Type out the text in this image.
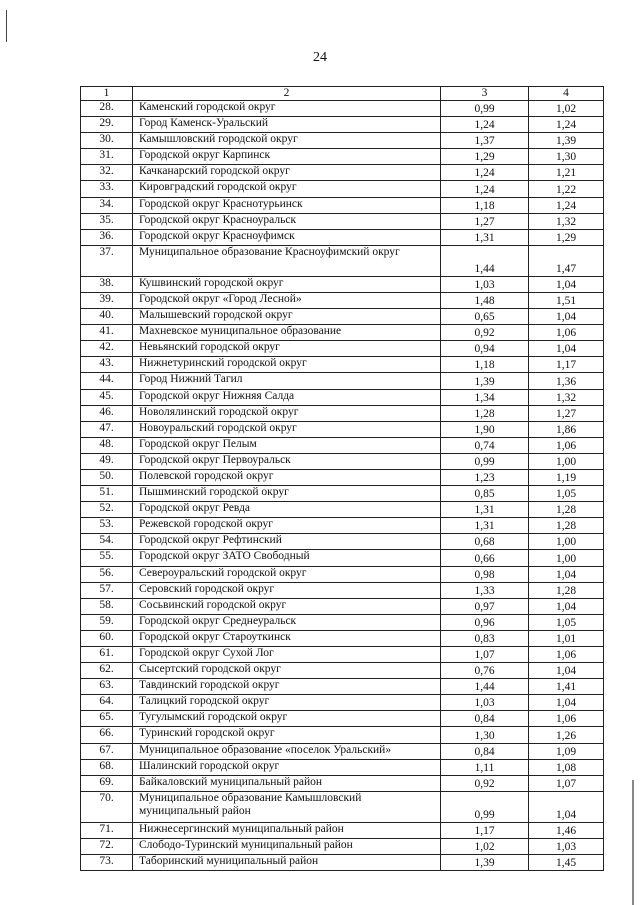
24
1	2	3	4
28.	Каменский городской округ	0,99	1,02
29.	Город Каменск-Уральский	1,24	1,24
30.	Камышловский городской округ	1,37	1,39
31.	Городской округ Карпинск	1,29	1,30
32.	Качканарский городской округ	1,24	1,21
33.	Кировградский городской округ	1,24	1,22
34.	Городской округ Краснотурьинск	1,18	1,24
35.	Городской округ Красноуральск	1,27	1,32
36.	Городской округ Красноуфимск	1,31	1,29
37.	Муниципальное образование Красноуфимский округ	1,44	1,47
38.	Кушвинский городской округ	1,03	1,04
39.	Городской округ «Город Лесной»	1,48	1,51
40.	Малышевский городской округ	0,65	1,04
41.	Махневское муниципальное образование	0,92	1,06
42.	Невьянский городской округ	0,94	1,04
43.	Нижнетуринский городской округ	1,18	1,17
44.	Город Нижний Тагил	1,39	1,36
45.	Городской округ Нижняя Салда	1,34	1,32
46.	Новолялинский городской округ	1,28	1,27
47.	Новоуральский городской округ	1,90	1,86
48.	Городской округ Пелым	0,74	1,06
49.	Городской округ Первоуральск	0,99	1,00
50.	Полевской городской округ	1,23	1,19
51.	Пышминский городской округ	0,85	1,05
52.	Городской округ Ревда	1,31	1,28
53.	Режевской городской округ	1,31	1,28
54.	Городской округ Рефтинский	0,68	1,00
55.	Городской округ ЗАТО Свободный	0,66	1,00
56.	Североуральский городской округ	0,98	1,04
57.	Серовский городской округ	1,33	1,28
58.	Сосьвинский городской округ	0,97	1,04
59.	Городской округ Среднеуральск	0,96	1,05
60.	Городской округ Староуткинск	0,83	1,01
61.	Городской округ Сухой Лог	1,07	1,06
62.	Сысертский городской округ	0,76	1,04
63.	Тавдинский городской округ	1,44	1,41
64.	Талицкий городской округ	1,03	1,04
65.	Тугулымский городской округ	0,84	1,06
66.	Туринский городской округ	1,30	1,26
67.	Муниципальное образование «поселок Уральский»	0,84	1,09
68.	Шалинский городской округ	1,11	1,08
69.	Байкаловский муниципальный район	0,92	1,07
70.	Муниципальное образование Камышловский муниципальный район	0,99	1,04
71.	Нижнесергинский муниципальный район	1,17	1,46
72.	Слободо-Туринский муниципальный район	1,02	1,03
73.	Таборинский муниципальный район	1,39	1,45
